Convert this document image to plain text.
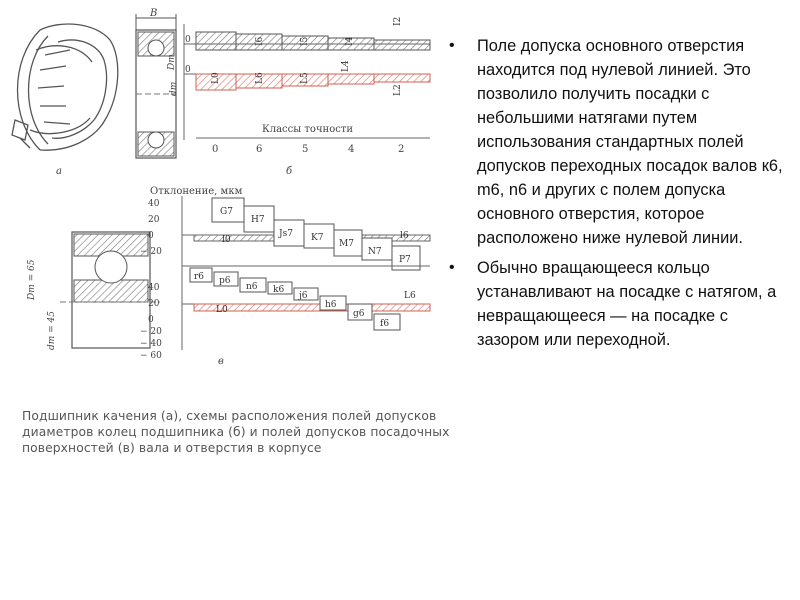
а
B
0
0
dm
Dm
I6	I5	I4
I2
L0	L6	L5
L4
L2
Классы точности
0	6	5	4	2
б
Dm = 65
dm = 45
Отклонение, мкм
40
20
0
− 20
l0	l6
G7
H7
Js7 K7
M7
N7
P7
40
20
0
− 20
− 40
− 60
L0
L6
r6 p6
n6 k6
j6
h6
g6
f6
в

Подшипник качения (а), схемы расположения полей допусков диаметров колец подшипника (б) и полей допусков посадочных поверхностей (в) вала и отверстия в корпусе

• Поле допуска основного отверстия находится под нулевой линией. Это позволило получить посадки с небольшими натягами путем использования стандартных полей допусков переходных посадок валов к6, m6, n6 и других с полем допуска основного отверстия, которое расположено ниже нулевой линии.
• Обычно вращающееся кольцо устанавливают на посадке с натягом, а невращающееся — на посадке с зазором или переходной.
